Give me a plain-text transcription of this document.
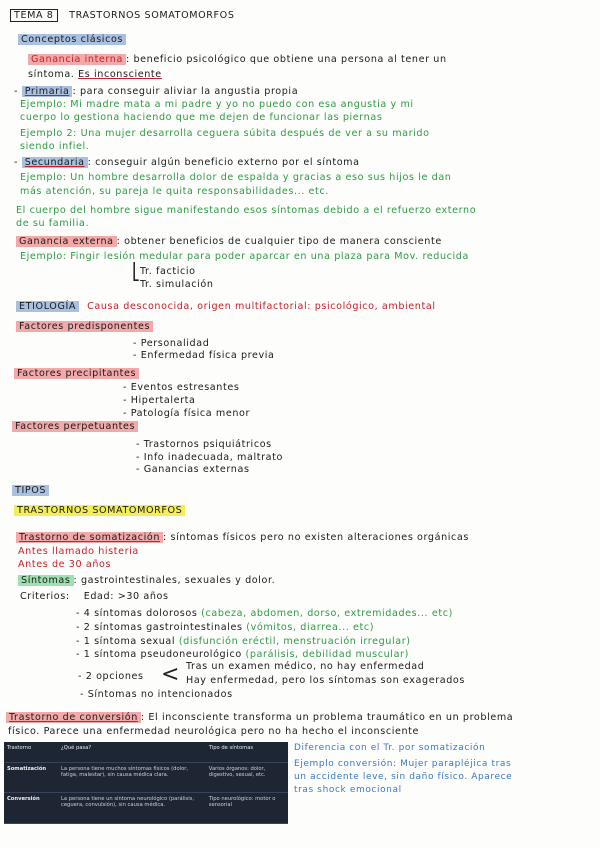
TEMA 8 TRASTORNOS SOMATOMORFOS
Conceptos clásicos
Ganancia interna : beneficio psicológico que obtiene una persona al tener un
síntoma. Es inconsciente
- Primaria : para conseguir aliviar la angustia propia
Ejemplo: Mi madre mata a mi padre y yo no puedo con esa angustia y mi
cuerpo lo gestiona haciendo que me dejen de funcionar las piernas
Ejemplo 2: Una mujer desarrolla ceguera súbita después de ver a su marido
siendo infiel.
- Secundaria : conseguir algún beneficio externo por el síntoma
Ejemplo: Un hombre desarrolla dolor de espalda y gracias a eso sus hijos le dan
más atención, su pareja le quita responsabilidades... etc.
El cuerpo del hombre sigue manifestando esos síntomas debido a el refuerzo externo
de su familia.
Ganancia externa : obtener beneficios de cualquier tipo de manera consciente
Ejemplo: Fingir lesión medular para poder aparcar en una plaza para Mov. reducida
⎣ Tr. facticio
Tr. simulación
ETIOLOGÍA Causa desconocida, origen multifactorial: psicológico, ambiental
Factores predisponentes
- Personalidad
- Enfermedad física previa
Factores precipitantes
- Eventos estresantes
- Hipertalerta
- Patología física menor
Factores perpetuantes
- Trastornos psiquiátricos
- Info inadecuada, maltrato
- Ganancias externas
TIPOS
TRASTORNOS SOMATOMORFOS
Trastorno de somatización : síntomas físicos pero no existen alteraciones orgánicas
Antes llamado histeria
Antes de 30 años
Síntomas : gastrointestinales, sexuales y dolor.
Criterios: Edad: >30 años
- 4 síntomas dolorosos (cabeza, abdomen, dorso, extremidades... etc)
- 2 síntomas gastrointestinales (vómitos, diarrea... etc)
- 1 síntoma sexual (disfunción eréctil, menstruación irregular)
- 1 síntoma pseudoneurológico (parálisis, debilidad muscular)
- 2 opciones < Tras un examen médico, no hay enfermedad
Hay enfermedad, pero los síntomas son exagerados
- Síntomas no intencionados
Trastorno de conversión : El inconsciente transforma un problema traumático en un problema
físico. Parece una enfermedad neurológica pero no ha hecho el inconsciente
Trastorno	¿Qué pasa?	Tipo de síntomas
Somatización	La persona tiene muchos síntomas físicos (dolor, fatiga, malestar), sin causa médica clara.	Varios órganos: dolor, digestivo, sexual, etc.
Conversión	La persona tiene un síntoma neurológico (parálisis, ceguera, convulsión), sin causa médica.	Tipo neurológico: motor o sensorial
Diferencia con el Tr. por somatización
Ejemplo conversión: Mujer parapléjica tras
un accidente leve, sin daño físico. Aparece
tras shock emocional
